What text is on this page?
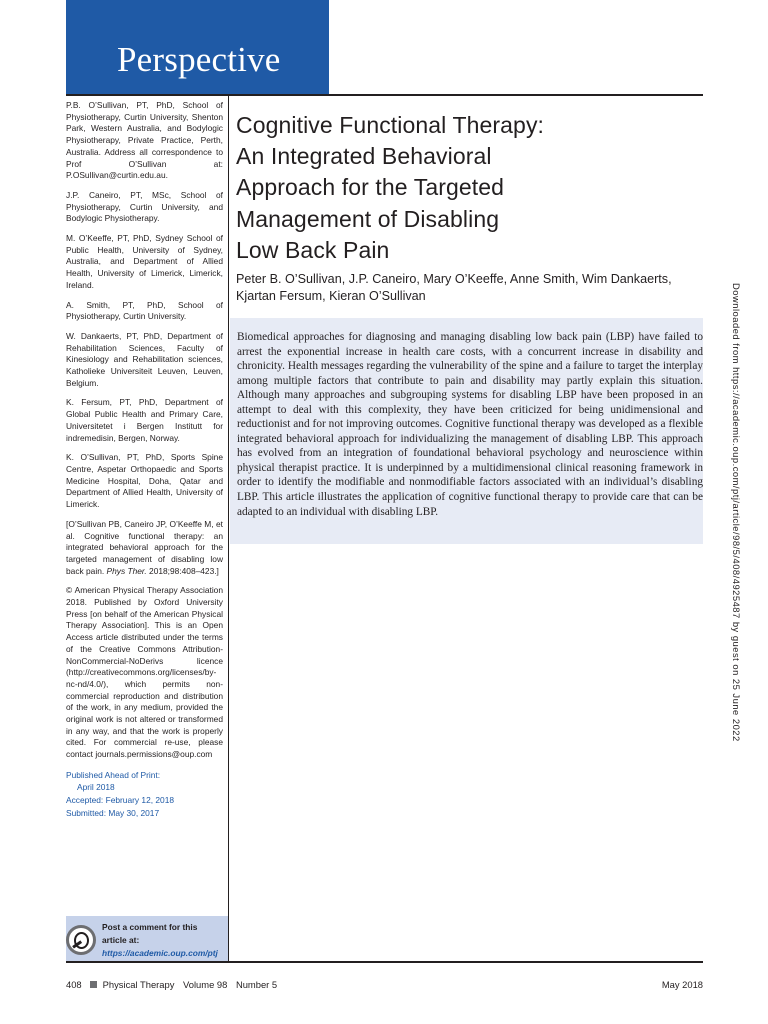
Perspective

P.B. O’Sullivan, PT, PhD, School of Physiotherapy, Curtin University, Shenton Park, Western Australia, and Bodylogic Physiotherapy, Private Practice, Perth, Australia. Address all correspondence to Prof O’Sullivan at: P.OSullivan@curtin.edu.au.

J.P. Caneiro, PT, MSc, School of Physiotherapy, Curtin University, and Bodylogic Physiotherapy.

M. O’Keeffe, PT, PhD, Sydney School of Public Health, University of Sydney, Australia, and Department of Allied Health, University of Limerick, Limerick, Ireland.

A. Smith, PT, PhD, School of Physiotherapy, Curtin University.

W. Dankaerts, PT, PhD, Department of Rehabilitation Sciences, Faculty of Kinesiology and Rehabilitation sciences, Katholieke Universiteit Leuven, Leuven, Belgium.

K. Fersum, PT, PhD, Department of Global Public Health and Primary Care, Universitetet i Bergen Institutt for indremedisin, Bergen, Norway.

K. O’Sullivan, PT, PhD, Sports Spine Centre, Aspetar Orthopaedic and Sports Medicine Hospital, Doha, Qatar and Department of Allied Health, University of Limerick.

[O’Sullivan PB, Caneiro JP, O’Keeffe M, et al. Cognitive functional therapy: an integrated behavioral approach for the targeted management of disabling low back pain. Phys Ther. 2018;98:408–423.]

© American Physical Therapy Association 2018. Published by Oxford University Press [on behalf of the American Physical Therapy Association]. This is an Open Access article distributed under the terms of the Creative Commons Attribution-NonCommercial-NoDerivs licence (http://creativecommons.org/licenses/by-nc-nd/4.0/), which permits non-commercial reproduction and distribution of the work, in any medium, provided the original work is not altered or transformed in any way, and that the work is properly cited. For commercial re-use, please contact journals.permissions@oup.com

Published Ahead of Print:
April 2018
Accepted: February 12, 2018
Submitted: May 30, 2017
Post a comment for this
article at:
https://academic.oup.com/ptj
Cognitive Functional Therapy:
An Integrated Behavioral
Approach for the Targeted
Management of Disabling
Low Back Pain
Peter B. O’Sullivan, J.P. Caneiro, Mary O’Keeffe, Anne Smith, Wim Dankaerts, Kjartan Fersum, Kieran O’Sullivan

Biomedical approaches for diagnosing and managing disabling low back pain (LBP) have failed to arrest the exponential increase in health care costs, with a concurrent increase in disability and chronicity. Health messages regarding the vulnerability of the spine and a failure to target the interplay among multiple factors that contribute to pain and disability may partly explain this situation. Although many approaches and subgrouping systems for disabling LBP have been proposed in an attempt to deal with this complexity, they have been criticized for being unidimensional and reductionist and for not improving outcomes. Cognitive functional therapy was developed as a flexible integrated behavioral approach for individualizing the management of disabling LBP. This approach has evolved from an integration of foundational behavioral psychology and neuroscience within physical therapist practice. It is underpinned by a multidimensional clinical reasoning framework in order to identify the modifiable and nonmodifiable factors associated with an individual’s disabling LBP. This article illustrates the application of cognitive functional therapy to provide care that can be adapted to an individual with disabling LBP.	Downloaded from https://academic.oup.com/ptj/article/98/5/408/4925487 by guest on 25 June 2022
408 Physical Therapy Volume 98 Number 5	May 2018
